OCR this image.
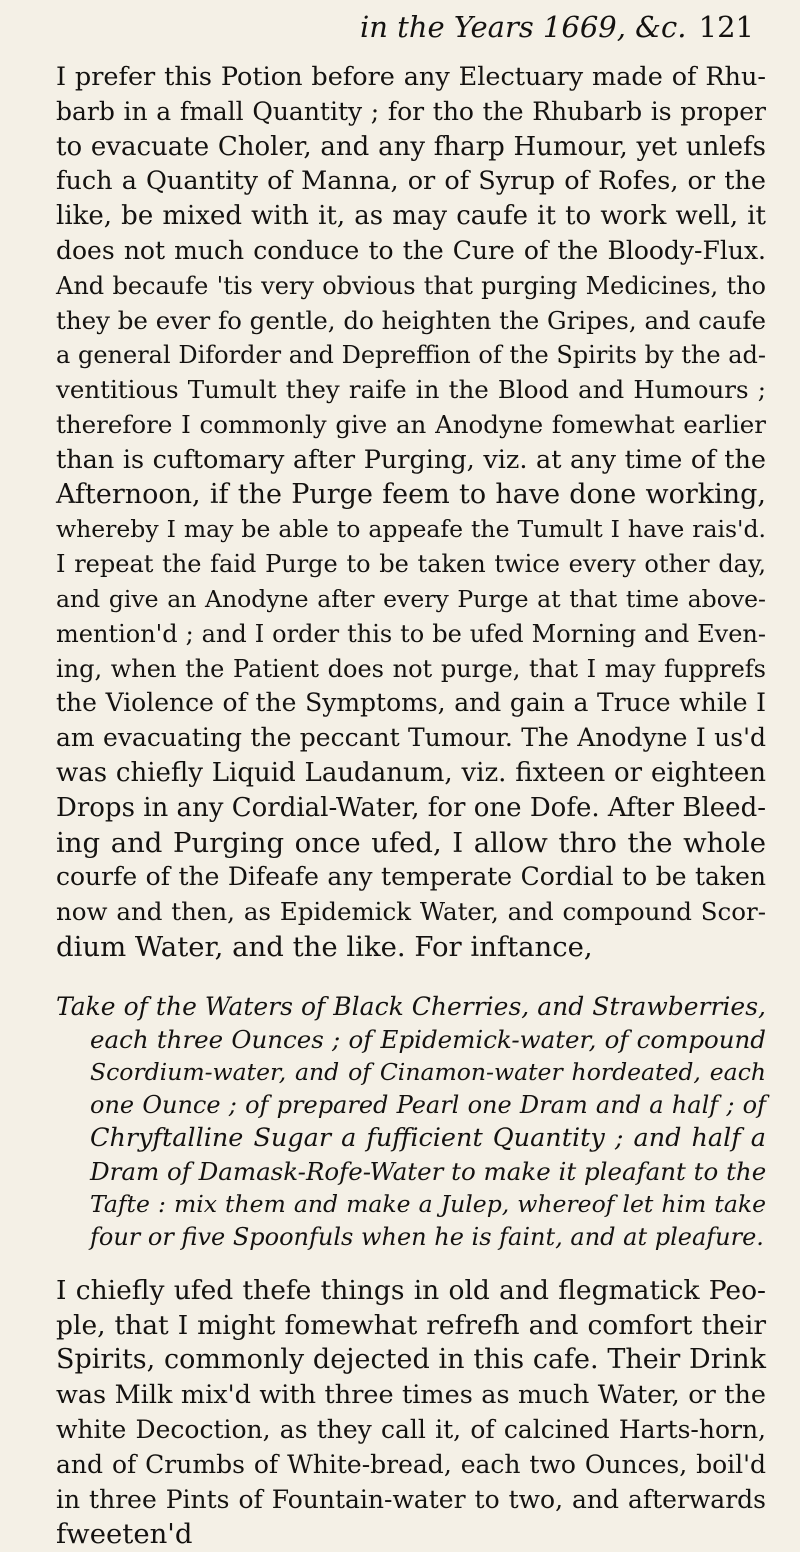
in the Years 1669, &c. 121
I prefer this Potion before any Electuary made of Rhu-
barb in a fmall Quantity ; for tho the Rhubarb is proper
to evacuate Choler, and any fharp Humour, yet unlefs
fuch a Quantity of Manna, or of Syrup of Rofes, or the
like, be mixed with it, as may caufe it to work well, it
does not much conduce to the Cure of the Bloody-Flux.
And becaufe 'tis very obvious that purging Medicines, tho
they be ever fo gentle, do heighten the Gripes, and caufe
a general Diforder and Depreffion of the Spirits by the ad-
ventitious Tumult they raife in the Blood and Humours ;
therefore I commonly give an Anodyne fomewhat earlier
than is cuftomary after Purging, viz. at any time of the
Afternoon, if the Purge feem to have done working,
whereby I may be able to appeafe the Tumult I have rais'd.
I repeat the faid Purge to be taken twice every other day,
and give an Anodyne after every Purge at that time above-
mention'd ; and I order this to be ufed Morning and Even-
ing, when the Patient does not purge, that I may fupprefs
the Violence of the Symptoms, and gain a Truce while I
am evacuating the peccant Tumour. The Anodyne I us'd
was chiefly Liquid Laudanum, viz. fixteen or eighteen
Drops in any Cordial-Water, for one Dofe. After Bleed-
ing and Purging once ufed, I allow thro the whole
courfe of the Difeafe any temperate Cordial to be taken
now and then, as Epidemick Water, and compound Scor-
dium Water, and the like. For inftance,
Take of the Waters of Black Cherries, and Strawberries,
each three Ounces ; of Epidemick-water, of compound
Scordium-water, and of Cinamon-water hordeated, each
one Ounce ; of prepared Pearl one Dram and a half ; of
Chryftalline Sugar a fufficient Quantity ; and half a
Dram of Damask-Rofe-Water to make it pleafant to the
Tafte : mix them and make a Julep, whereof let him take
four or five Spoonfuls when he is faint, and at pleafure.
I chiefly ufed thefe things in old and flegmatick Peo-
ple, that I might fomewhat refrefh and comfort their
Spirits, commonly dejected in this cafe. Their Drink
was Milk mix'd with three times as much Water, or the
white Decoction, as they call it, of calcined Harts-horn,
and of Crumbs of White-bread, each two Ounces, boil'd
in three Pints of Fountain-water to two, and afterwards
fweeten'd
